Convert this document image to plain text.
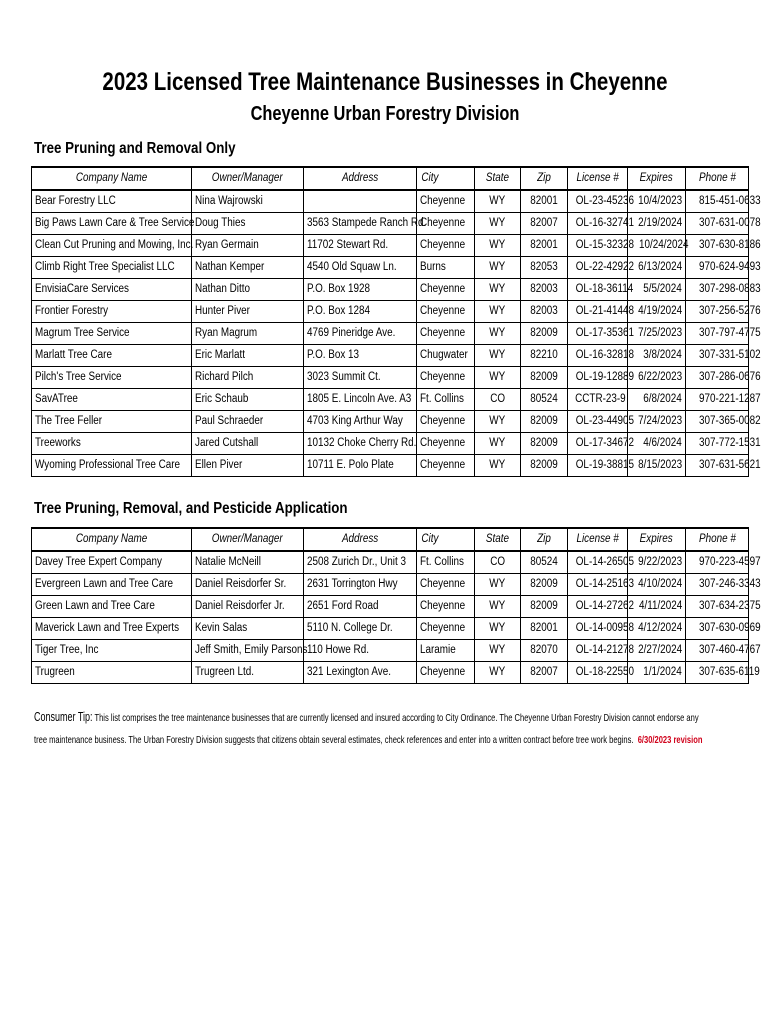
2023 Licensed Tree Maintenance Businesses in Cheyenne
Cheyenne Urban Forestry Division
Tree Pruning and Removal Only
Company Name	Owner/Manager	Address	City	State	Zip	License #	Expires	Phone #
Bear Forestry LLC	Nina Wajrowski		Cheyenne	WY	82001	OL-23-45236	10/4/2023	815-451-0633
Big Paws Lawn Care & Tree Service	Doug Thies	3563 Stampede Ranch Rd.	Cheyenne	WY	82007	OL-16-32741	2/19/2024	307-631-0078
Clean Cut Pruning and Mowing, Inc.	Ryan Germain	11702 Stewart Rd.	Cheyenne	WY	82001	OL-15-32328	10/24/2024	307-630-8186
Climb Right Tree Specialist LLC	Nathan Kemper	4540 Old Squaw Ln.	Burns	WY	82053	OL-22-42922	6/13/2024	970-624-9493
EnvisiaCare Services	Nathan Ditto	P.O. Box 1928	Cheyenne	WY	82003	OL-18-36114	5/5/2024	307-298-0883
Frontier Forestry	Hunter Piver	P.O. Box 1284	Cheyenne	WY	82003	OL-21-41448	4/19/2024	307-256-5276
Magrum Tree Service	Ryan Magrum	4769 Pineridge Ave.	Cheyenne	WY	82009	OL-17-35361	7/25/2023	307-797-4775
Marlatt Tree Care	Eric Marlatt	P.O. Box 13	Chugwater	WY	82210	OL-16-32818	3/8/2024	307-331-5102
Pilch's Tree Service	Richard Pilch	3023 Summit Ct.	Cheyenne	WY	82009	OL-19-12889	6/22/2023	307-286-0676
SavATree	Eric Schaub	1805 E. Lincoln Ave. A3	Ft. Collins	CO	80524	CCTR-23-9	6/8/2024	970-221-1287
The Tree Feller	Paul Schraeder	4703 King Arthur Way	Cheyenne	WY	82009	OL-23-44905	7/24/2023	307-365-0082
Treeworks	Jared Cutshall	10132 Choke Cherry Rd.	Cheyenne	WY	82009	OL-17-34672	4/6/2024	307-772-1531
Wyoming Professional Tree Care	Ellen Piver	10711 E. Polo Plate	Cheyenne	WY	82009	OL-19-38815	8/15/2023	307-631-5621
Tree Pruning, Removal, and Pesticide Application
Company Name	Owner/Manager	Address	City	State	Zip	License #	Expires	Phone #
Davey Tree Expert Company	Natalie McNeill	2508 Zurich Dr., Unit 3	Ft. Collins	CO	80524	OL-14-26505	9/22/2023	970-223-4597
Evergreen Lawn and Tree Care	Daniel Reisdorfer Sr.	2631 Torrington Hwy	Cheyenne	WY	82009	OL-14-25163	4/10/2024	307-246-3343
Green Lawn and Tree Care	Daniel Reisdorfer Jr.	2651 Ford Road	Cheyenne	WY	82009	OL-14-27262	4/11/2024	307-634-2375
Maverick Lawn and Tree Experts	Kevin Salas	5110 N. College Dr.	Cheyenne	WY	82001	OL-14-00958	4/12/2024	307-630-0969
Tiger Tree, Inc	Jeff Smith, Emily Parsons	110 Howe Rd.	Laramie	WY	82070	OL-14-21278	2/27/2024	307-460-4767
Trugreen	Trugreen Ltd.	321 Lexington Ave.	Cheyenne	WY	82007	OL-18-22550	1/1/2024	307-635-6119
Consumer Tip: This list comprises the tree maintenance businesses that are currently licensed and insured according to City Ordinance. The Cheyenne Urban Forestry Division cannot endorse any
tree maintenance business. The Urban Forestry Division suggests that citizens obtain several estimates, check references and enter into a written contract before tree work begins. 6/30/2023 revision
